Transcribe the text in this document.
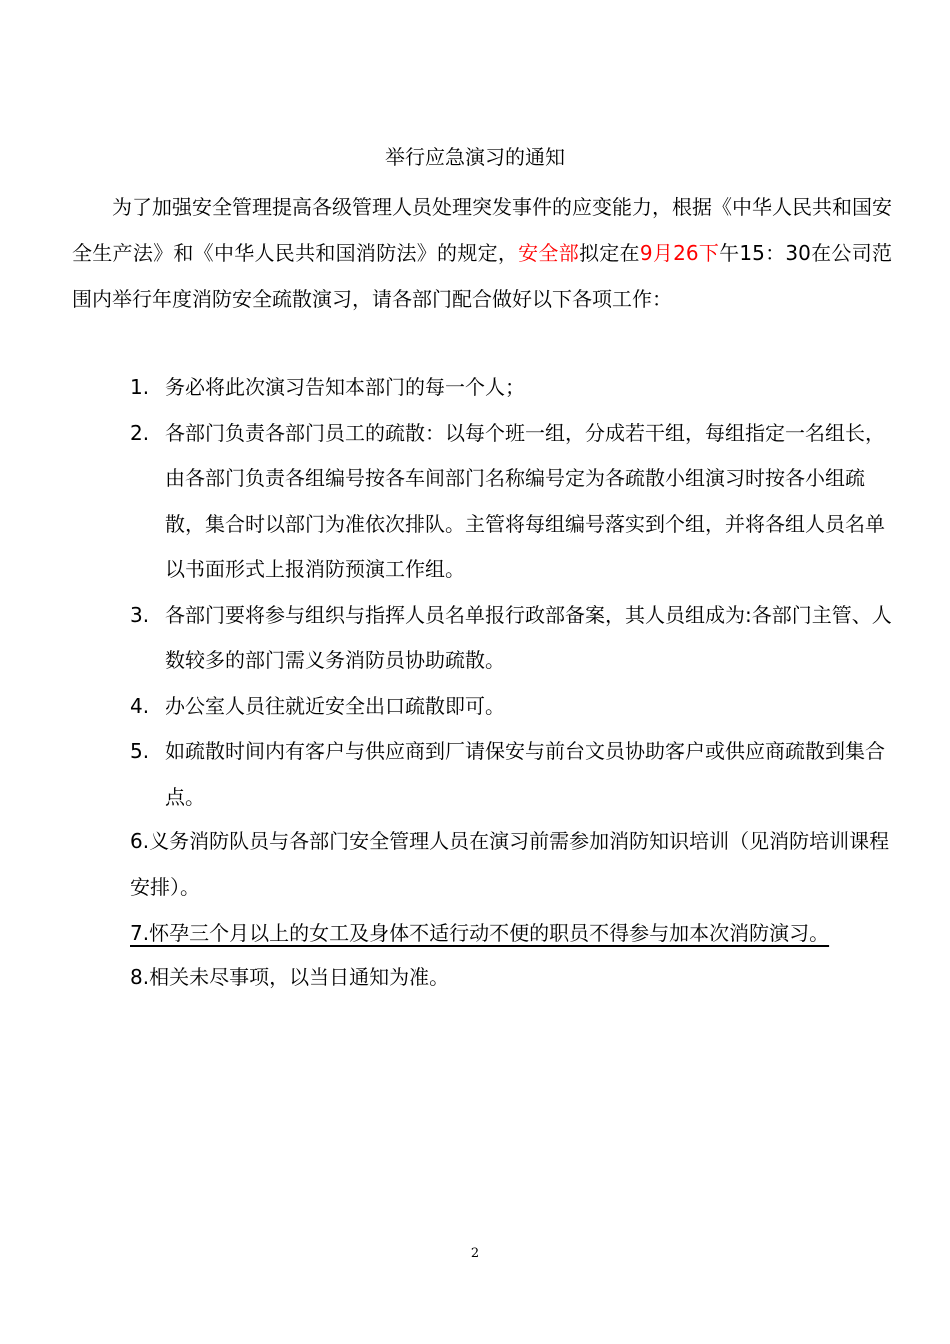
举行应急演习的通知

为了加强安全管理提高各级管理人员处理突发事件的应变能力，根据《中华人民共和国安全生产法》和《中华人民共和国消防法》的规定，安全部拟定在9月26下午15：30在公司范围内举行年度消防安全疏散演习，请各部门配合做好以下各项工作：

1. 务必将此次演习告知本部门的每一个人；
2. 各部门负责各部门员工的疏散：以每个班一组，分成若干组，每组指定一名组长，由各部门负责各组编号按各车间部门名称编号定为各疏散小组演习时按各小组疏散，集合时以部门为准依次排队。主管将每组编号落实到个组，并将各组人员名单以书面形式上报消防预演工作组。
3. 各部门要将参与组织与指挥人员名单报行政部备案，其人员组成为:各部门主管、人数较多的部门需义务消防员协助疏散。
4. 办公室人员往就近安全出口疏散即可。
5. 如疏散时间内有客户与供应商到厂请保安与前台文员协助客户或供应商疏散到集合点。

6.义务消防队员与各部门安全管理人员在演习前需参加消防知识培训（见消防培训课程安排）。

7.怀孕三个月以上的女工及身体不适行动不便的职员不得参与加本次消防演习。

8.相关未尽事项，以当日通知为准。

2
